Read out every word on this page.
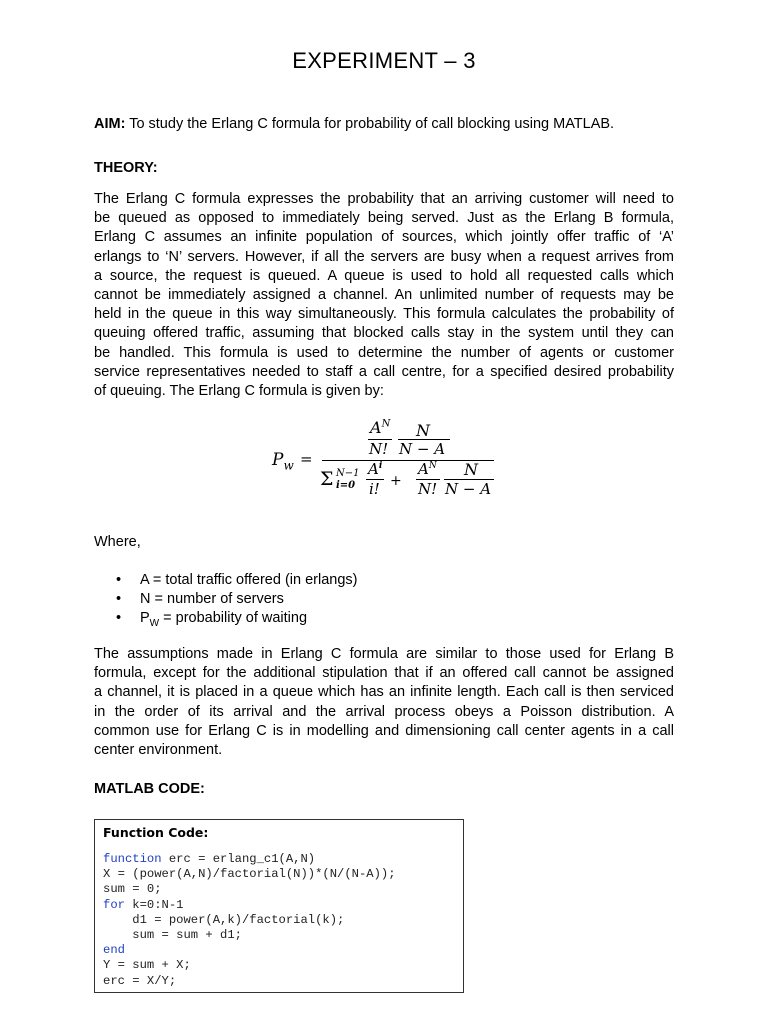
EXPERIMENT – 3
AIM: To study the Erlang C formula for probability of call blocking using MATLAB.
THEORY:
The Erlang C formula expresses the probability that an arriving customer will need to
be queued as opposed to immediately being served. Just as the Erlang B formula,
Erlang C assumes an infinite population of sources, which jointly offer traffic of ‘A’
erlangs to ‘N’ servers. However, if all the servers are busy when a request arrives from
a source, the request is queued. A queue is used to hold all requested calls which
cannot be immediately assigned a channel. An unlimited number of requests may be
held in the queue in this way simultaneously. This formula calculates the probability of
queuing offered traffic, assuming that blocked calls stay in the system until they can
be handled. This formula is used to determine the number of agents or customer
service representatives needed to staff a call centre, for a specified desired probability
of queuing. The Erlang C formula is given by:
$P_w$ =
$A^N$
N!
N
N − A
Σ N−1
i=0
$A^i$
i! +
$A^N$
N!
N
N − A
Where,
• A = total traffic offered (in erlangs)
• N = number of servers
• $P_W$ = probability of waiting
The assumptions made in Erlang C formula are similar to those used for Erlang B
formula, except for the additional stipulation that if an offered call cannot be assigned
a channel, it is placed in a queue which has an infinite length. Each call is then serviced
in the order of its arrival and the arrival process obeys a Poisson distribution. A
common use for Erlang C is in modelling and dimensioning call center agents in a call
center environment.
MATLAB CODE:
Function Code:
function erc = erlang_c1(A,N)
X = (power(A,N)/factorial(N))*(N/(N-A));
sum = 0;
for k=0:N-1
d1 = power(A,k)/factorial(k);
sum = sum + d1;
end
Y = sum + X;
erc = X/Y;
